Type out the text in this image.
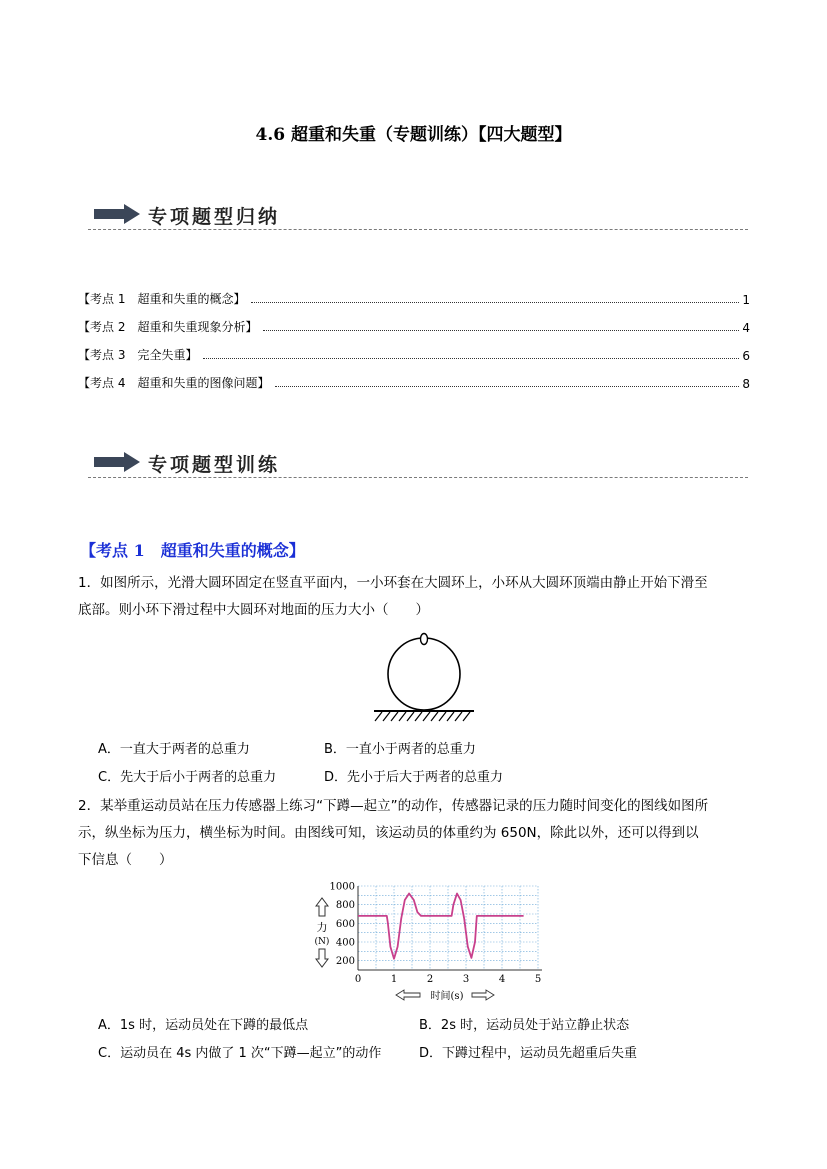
4.6 超重和失重（专题训练）【四大题型】
专项题型归纳
【考点 1　超重和失重的概念】	1
【考点 2　超重和失重现象分析】	4
【考点 3　完全失重】	6
【考点 4　超重和失重的图像问题】	8
专项题型训练
【考点 1　超重和失重的概念】
1．如图所示，光滑大圆环固定在竖直平面内，一小环套在大圆环上，小环从大圆环顶端由静止开始下滑至
底部。则小环下滑过程中大圆环对地面的压力大小（　　）
A．一直大于两者的总重力	B．一直小于两者的总重力
C．先大于后小于两者的总重力	D．先小于后大于两者的总重力
2．某举重运动员站在压力传感器上练习“下蹲—起立”的动作，传感器记录的压力随时间变化的图线如图所
示，纵坐标为压力，横坐标为时间。由图线可知，该运动员的体重约为 650N，除此以外，还可以得到以
下信息（　　）
200
400
600
800
1000
0	1	2	3	4	5
力
(N)
时间(s)
A．1s 时，运动员处在下蹲的最低点	B．2s 时，运动员处于站立静止状态
C．运动员在 4s 内做了 1 次“下蹲—起立”的动作	D．下蹲过程中，运动员先超重后失重
